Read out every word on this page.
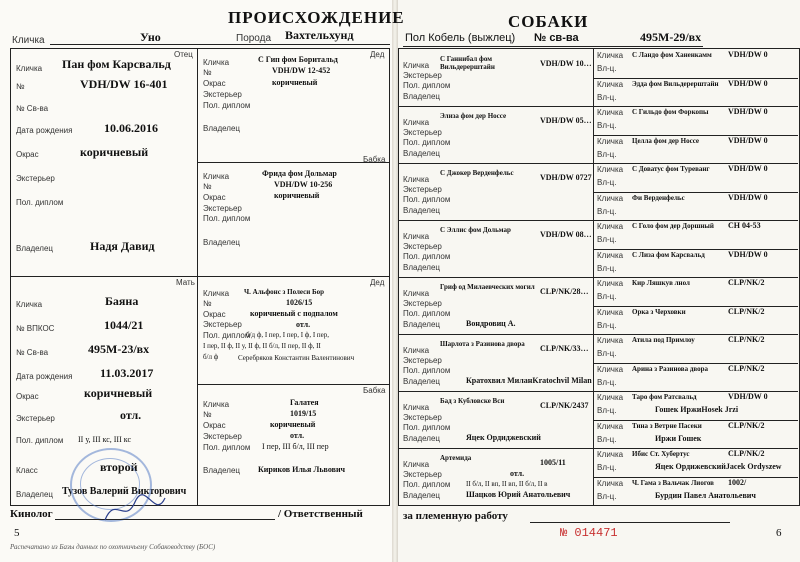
ПРОИСХОЖДЕНИЕ	СОБАКИ
Кличка	Уно	Порода Вахтельхунд	Пол Кобель (выжлец) № св-ва	495М-29/вх
Отец
Мать
Дед
Бабка
Дед
Бабка
Кличка Пан фом Карсвальд
№	VDH/DW 16-401
№ Св-ва
Дата рождения	10.06.2016
Окрас	коричневый
Экстерьер
Пол. диплом
Владелец	Надя Давид
Кличка	С Гип фом Боритальд
№	VDH/DW 12-452
Окрас	коричневый
Экстерьер
Пол. диплом
Владелец
Кличка	Фрида фом Дольмар
№	VDH/DW 10-256
Окрас	коричневый
Экстерьер
Пол. диплом
Владелец
Кличка	Баяна
№ ВПКОС	1044/21
№ Св-ва	495М-23/вх
Дата рождения 11.03.2017
Окрас	коричневый
Экстерьер	отл.
Пол. диплом II у, III кс, III кс
Класс	второй
Владелец Тузов Валерий Викторович
Кличка Ч. Альфонс з Полеси Бор
№	1026/15
Окрас	коричневый с подпалом
Экстерьер	отл.
Пол. диплом
б/д ф, I пер, I пер, I ф, I пер,
I пер, II ф, II у, II ф, II б/л, II пер, II ф, II
б/л ф	Серебряков Константин Валентинович
Кличка	Галатея
№	1019/15
Окрас	коричневый
Экстерьер	отл.
Пол. диплом I пер, III б/л, III пер
Владелец Кириков Илья Львович
Кличка
С Ганнибал фом Вильдерерштайн	VDH/DW 10…
Экстерьер
Пол. диплом
Владелец
Кличка
Элиза фом дер Носсе	VDH/DW 05…
Экстерьер
Пол. диплом
Владелец
Кличка
С Джокер Верденфельс	VDH/DW 0727
Экстерьер
Пол. диплом
Владелец
Кличка
С Эллис фом Дольмар	VDH/DW 08…
Экстерьер
Пол. диплом
Владелец
Кличка
Гриф од Милаевческих могил CLP/NK/28…
Экстерьер
Пол. диплом
Владелец	Вондровиц А.
Кличка
Шарлота з Разинова двора	CLP/NK/33…
Экстерьер
Пол. диплом
Владелец	Кратохвил МиланKratochvil Milan
Кличка
Бад з Кубловске Вси	CLP/NK/2437
Экстерьер
Пол. диплом
Владелец	Яцек Ордиджевский
Кличка
Артемида	1005/11
Экстерьер	отл.
Пол. диплом II б/л, II вп, II вп, II б/л, II в
Владелец	Шацков Юрий Анатольевич
Кличка С Ландо фом Ханенкамм VDH/DW 0
Вл-ц.
Кличка Эдда фом Вильдерерштайн VDH/DW 0
Вл-ц.
Кличка С Гильдо фом Форкопы VDH/DW 0
Вл-ц.
Кличка Целла фом дер Носсе	VDH/DW 0
Вл-ц.
Кличка С Доватус фом Туреванг VDH/DW 0
Вл-ц.
Кличка Фи Верденфельс	VDH/DW 0
Вл-ц.
Кличка С Голо фом дер Доршный CH 04-53
Вл-ц.
Кличка С Лиза фом Карсвальд	VDH/DW 0
Вл-ц.
Кличка Кир Ляшкув лнол	CLP/NK/2
Вл-ц.
Кличка Орка з Черховки	CLP/NK/2
Вл-ц.
Кличка Атила под Примлоу	CLP/NK/2
Вл-ц.
Кличка Арина з Разинова двора CLP/NK/2
Вл-ц.
Кличка Таро фом Ратсвальд	VDH/DW 0
Вл-ц.	Гошек ИржиHosek Jrzi
Кличка Тина з Ветрне Пасеки	CLP/NK/2
Вл-ц.	Иржи Гошек
Кличка Ибис Ст. Хубертус	CLP/NK/2
Вл-ц.	Яцек ОрдижевскийJacek Ordyszew
Кличка Ч. Гама з Вальчак Лиогов 1002/
Вл-ц.	Бурдин Павел Анатольевич
Кинолог	/ Ответственный	за племенную работу
№ 014471
5	6
Распечатано из Базы данных по охотничьему Собаководству (БОС)
